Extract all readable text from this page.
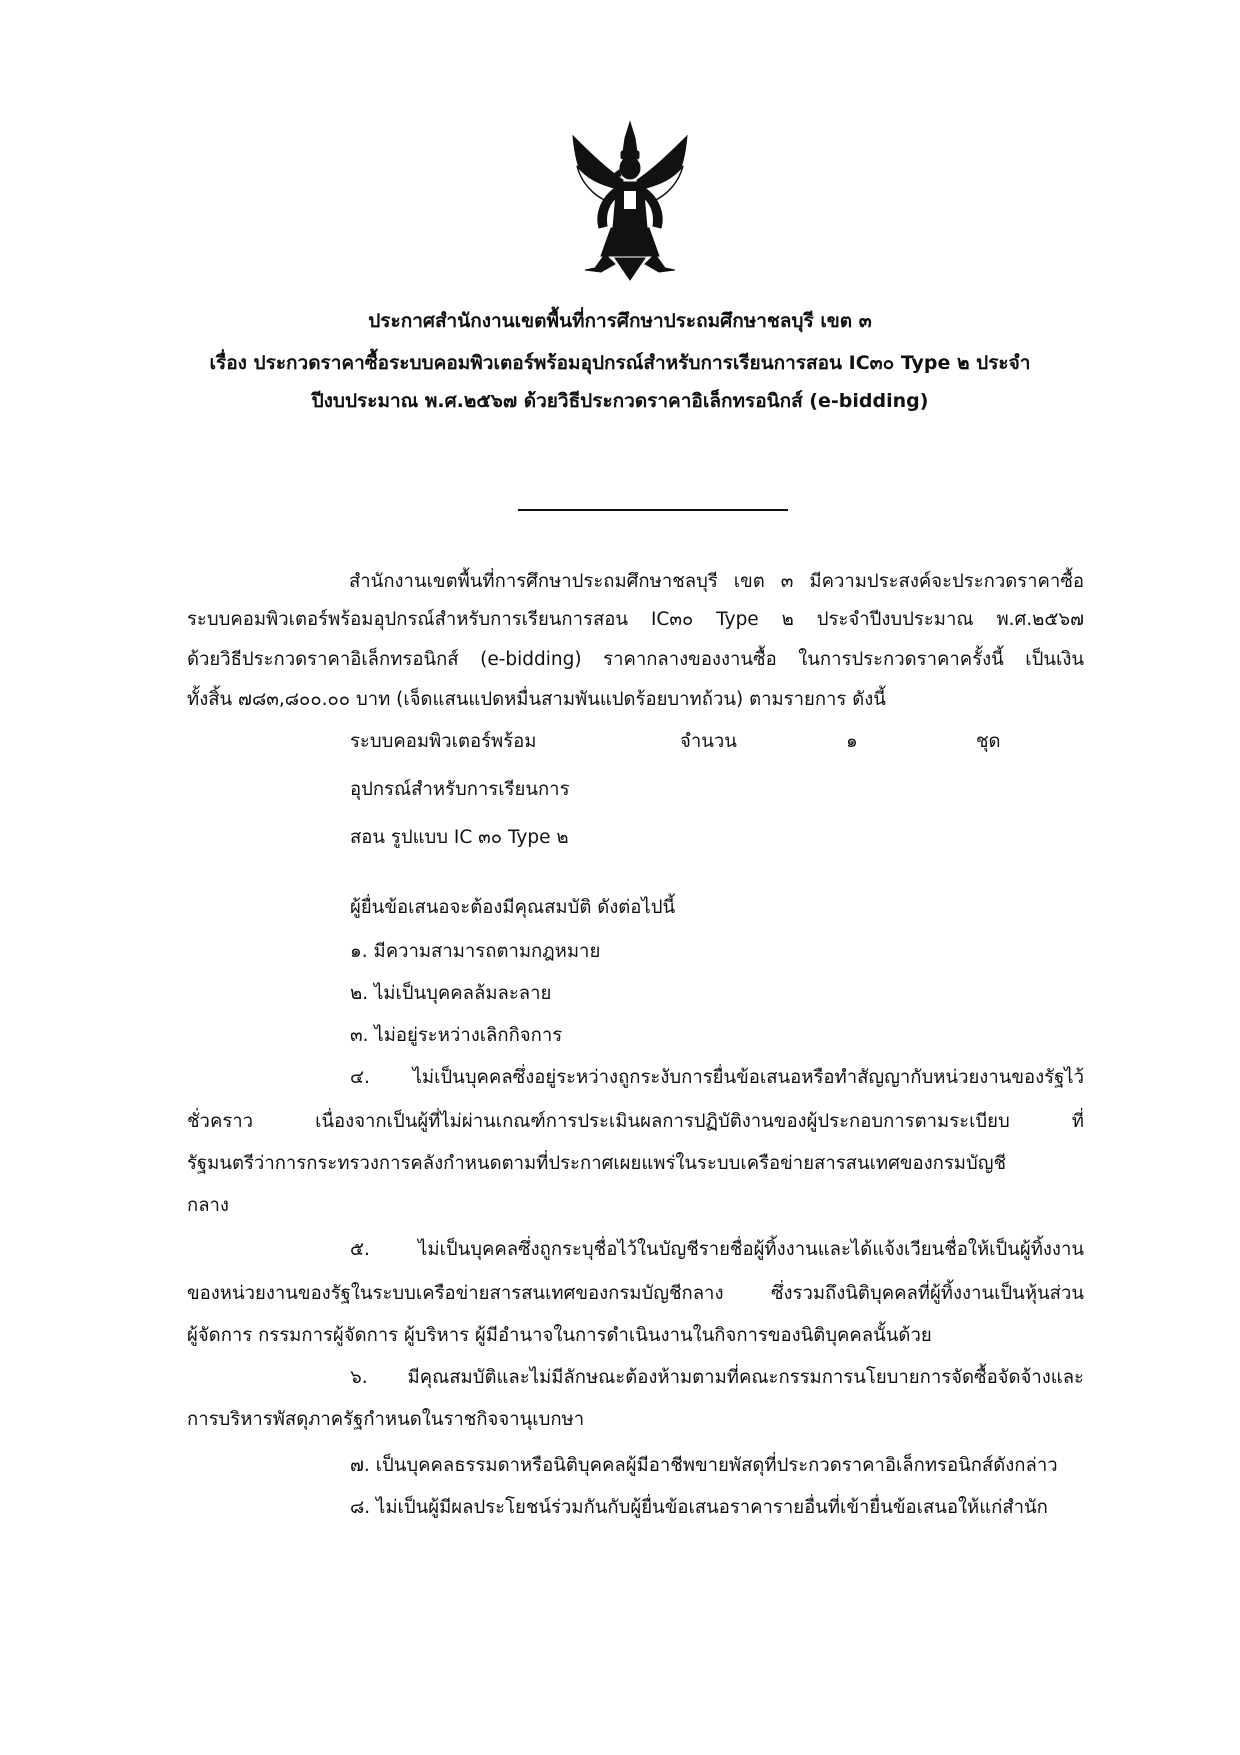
ประกาศสำนักงานเขตพื้นที่การศึกษาประถมศึกษาชลบุรี เขต ๓
เรื่อง ประกวดราคาซื้อระบบคอมพิวเตอร์พร้อมอุปกรณ์สำหรับการเรียนการสอน IC๓๐ Type ๒ ประจำ
ปีงบประมาณ พ.ศ.๒๕๖๗ ด้วยวิธีประกวดราคาอิเล็กทรอนิกส์ (e-bidding)
สำนักงานเขตพื้นที่การศึกษาประถมศึกษาชลบุรี เขต ๓ มีความประสงค์จะประกวดราคาซื้อ
ระบบคอมพิวเตอร์พร้อมอุปกรณ์สำหรับการเรียนการสอน IC๓๐ Type ๒ ประจำปีงบประมาณ พ.ศ.๒๕๖๗
ด้วยวิธีประกวดราคาอิเล็กทรอนิกส์ (e-bidding) ราคากลางของงานซื้อ ในการประกวดราคาครั้งนี้ เป็นเงิน
ทั้งสิ้น ๗๘๓,๘๐๐.๐๐ บาท (เจ็ดแสนแปดหมื่นสามพันแปดร้อยบาทถ้วน) ตามรายการ ดังนี้
ระบบคอมพิวเตอร์พร้อม
อุปกรณ์สำหรับการเรียนการ
สอน รูปแบบ IC ๓๐ Type ๒
จำนวน	๑	ชุด
ผู้ยื่นข้อเสนอจะต้องมีคุณสมบัติ ดังต่อไปนี้
๑. มีความสามารถตามกฎหมาย
๒. ไม่เป็นบุคคลล้มละลาย
๓. ไม่อยู่ระหว่างเลิกกิจการ
๔. ไม่เป็นบุคคลซึ่งอยู่ระหว่างถูกระงับการยื่นข้อเสนอหรือทำสัญญากับหน่วยงานของรัฐไว้
ชั่วคราว เนื่องจากเป็นผู้ที่ไม่ผ่านเกณฑ์การประเมินผลการปฏิบัติงานของผู้ประกอบการตามระเบียบ ที่
รัฐมนตรีว่าการกระทรวงการคลังกำหนดตามที่ประกาศเผยแพร่ในระบบเครือข่ายสารสนเทศของกรมบัญชี
กลาง
๕. ไม่เป็นบุคคลซึ่งถูกระบุชื่อไว้ในบัญชีรายชื่อผู้ทิ้งงานและได้แจ้งเวียนชื่อให้เป็นผู้ทิ้งงาน
ของหน่วยงานของรัฐในระบบเครือข่ายสารสนเทศของกรมบัญชีกลาง ซึ่งรวมถึงนิติบุคคลที่ผู้ทิ้งงานเป็นหุ้นส่วน
ผู้จัดการ กรรมการผู้จัดการ ผู้บริหาร ผู้มีอำนาจในการดำเนินงานในกิจการของนิติบุคคลนั้นด้วย
๖. มีคุณสมบัติและไม่มีลักษณะต้องห้ามตามที่คณะกรรมการนโยบายการจัดซื้อจัดจ้างและ
การบริหารพัสดุภาครัฐกำหนดในราชกิจจานุเบกษา
๗. เป็นบุคคลธรรมดาหรือนิติบุคคลผู้มีอาชีพขายพัสดุที่ประกวดราคาอิเล็กทรอนิกส์ดังกล่าว
๘. ไม่เป็นผู้มีผลประโยชน์ร่วมกันกับผู้ยื่นข้อเสนอราคารายอื่นที่เข้ายื่นข้อเสนอให้แก่สำนัก
